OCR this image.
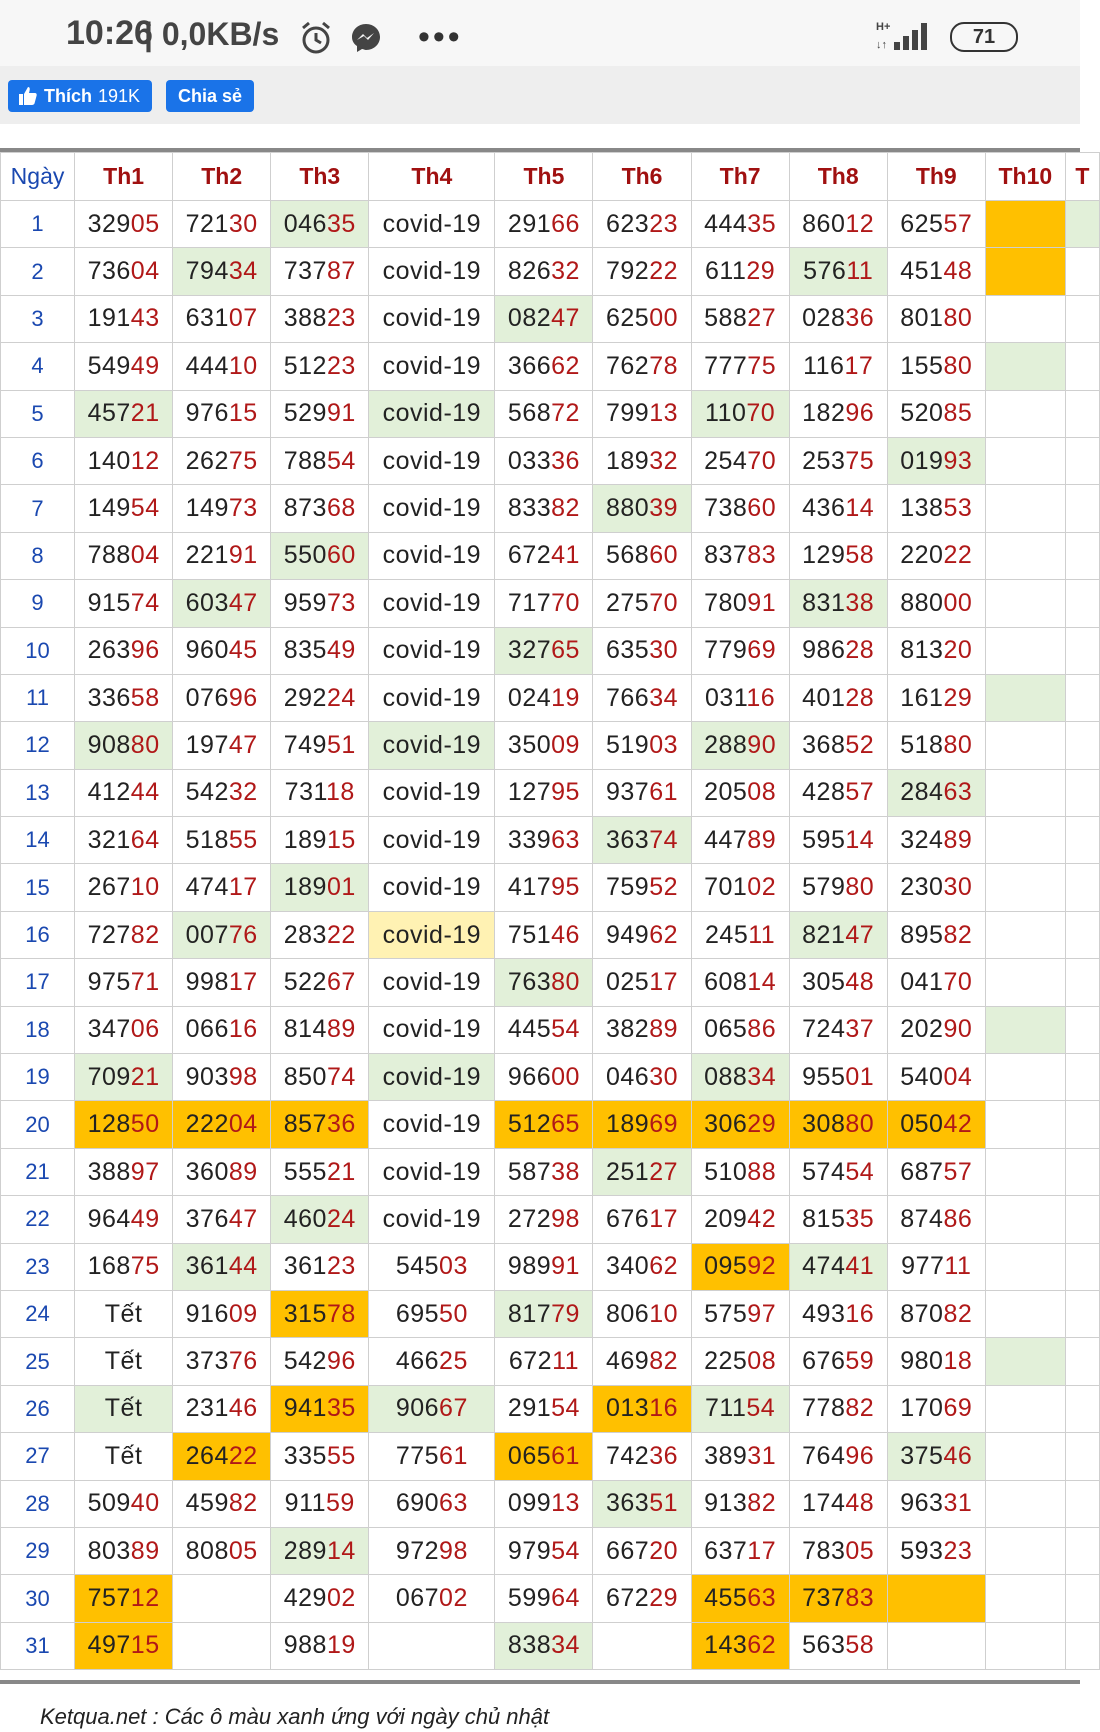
10:26
| 0,0KB/s	•••	H+
↓↑	71
Thích 191K	Chia sẻ
Ngày	Th1	Th2	Th3	Th4	Th5	Th6	Th7	Th8	Th9	Th10	T
1	32905	72130	04635	covid-19	29166	62323	44435	86012	62557		
2	73604	79434	73787	covid-19	82632	79222	61129	57611	45148		
3	19143	63107	38823	covid-19	08247	62500	58827	02836	80180		
4	54949	44410	51223	covid-19	36662	76278	77775	11617	15580		
5	45721	97615	52991	covid-19	56872	79913	11070	18296	52085		
6	14012	26275	78854	covid-19	03336	18932	25470	25375	01993		
7	14954	14973	87368	covid-19	83382	88039	73860	43614	13853		
8	78804	22191	55060	covid-19	67241	56860	83783	12958	22022		
9	91574	60347	95973	covid-19	71770	27570	78091	83138	88000		
10	26396	96045	83549	covid-19	32765	63530	77969	98628	81320		
11	33658	07696	29224	covid-19	02419	76634	03116	40128	16129		
12	90880	19747	74951	covid-19	35009	51903	28890	36852	51880		
13	41244	54232	73118	covid-19	12795	93761	20508	42857	28463		
14	32164	51855	18915	covid-19	33963	36374	44789	59514	32489		
15	26710	47417	18901	covid-19	41795	75952	70102	57980	23030		
16	72782	00776	28322	covid-19	75146	94962	24511	82147	89582		
17	97571	99817	52267	covid-19	76380	02517	60814	30548	04170		
18	34706	06616	81489	covid-19	44554	38289	06586	72437	20290		
19	70921	90398	85074	covid-19	96600	04630	08834	95501	54004		
20	12850	22204	85736	covid-19	51265	18969	30629	30880	05042		
21	38897	36089	55521	covid-19	58738	25127	51088	57454	68757		
22	96449	37647	46024	covid-19	27298	67617	20942	81535	87486		
23	16875	36144	36123	54503	98991	34062	09592	47441	97711		
24	Tết	91609	31578	69550	81779	80610	57597	49316	87082		
25	Tết	37376	54296	46625	67211	46982	22508	67659	98018		
26	Tết	23146	94135	90667	29154	01316	71154	77882	17069		
27	Tết	26422	33555	77561	06561	74236	38931	76496	37546		
28	50940	45982	91159	69063	09913	36351	91382	17448	96331		
29	80389	80805	28914	97298	97954	66720	63717	78305	59323		
30	75712		42902	06702	59964	67229	45563	73783			
31	49715		98819		83834		14362	56358			
Ketqua.net : Các ô màu xanh ứng với ngày chủ nhật
